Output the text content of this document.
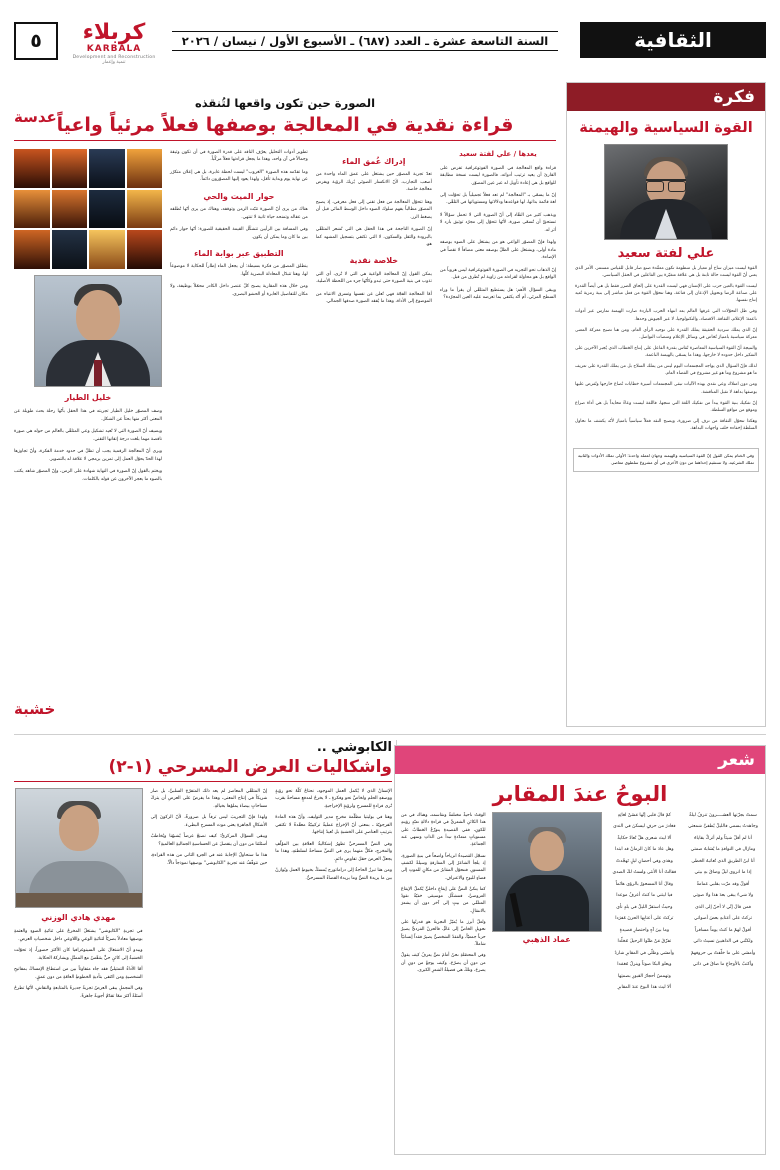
الثقافية
السنة التاسعة عشرة ـ العدد (٦٨٧) ـ الأسبوع الأول / نيسان / ٢٠٢٦
كربلاء
KARBALA
Development and Reconstruction تنمية وإعمار
٥
عدسة
خشبة
فكرة
القوة السياسية والهيمنة
علي لفتة سعيد

القوة ليست ميزان ساخ أو معيار بل منظومة تكون معقّدة صنع صار قابل للقياس مستمر، الأمر الذي يعني أنّ القوة ليست حالة ثابتة بل هي علاقة متغيّرة بين الفاعلين في الحقل السياسي.

ليست القوة بالعين حرب على الإنسان فهي ليست القدرة على إلحاق الضرر فقط بل هي أيضاً القدرة على صناعة الرضا وتحويل الإذعان إلى قناعة، وهنا تتحوّل القوة من فعل مباشر إلى بنية رمزية تُعيد إنتاج نفسها.

وفي ظل التحوّلات التي عرفها العالم بعد انتهاء الحرب الباردة صارت الهيمنة تمارس عبر أدوات ناعمة: الإعلام، الثقافة، الاقتصاد، والتكنولوجيا، لا عبر الجيوش وحدها.

إنّ الذي يملك سردية الحقيقة يملك القدرة على توجيه الرأي العام، ومن هنا تصبح معركة المعنى معركة سياسية بامتياز تُخاض في وسائل الإعلام ومنصات التواصل.

والنتيجة أنّ القوة السياسية المعاصرة تُقاس بقدرة الفاعل على إنتاج الخطاب الذي يُجبر الآخرين على التفكير داخل حدوده لا خارجها، وهذا ما يسمّى بالهيمنة الناعمة.

لذلك فإنّ السؤال الذي يواجه المجتمعات اليوم ليس من يملك السلاح بل من يملك القدرة على تعريف ما هو مشروع وما هو غير مشروع في الفضاء العام.

ومن دون امتلاك وعي نقدي بهذه الآليات تبقى المجتمعات أسيرة خطابات تُصاغ خارجها وتُفرض عليها بوصفها بداهة لا تقبل المناقشة.

إنّ تفكيك بنية القوة يبدأ من تفكيك اللغة التي تنتجها، فاللغة ليست وعاءً محايداً بل هي أداة صراع وموقع من مواقع السلطة.

وهكذا تتحوّل الثقافة من ترف إلى ضرورة، ويصبح النقد فعلاً سياسياً بامتياز لأنّه يكشف ما تحاول السلطة إخفاءه خلف واجهات البداهة.

وفي الختام يمكن القول إنّ القوة السياسية والهيمنة وجهان لعملة واحدة: الأولى تملك الأدوات والثانية تملك الشرعية، ولا تستقيم إحداهما من دون الأخرى في أي مشروع سلطوي معاصر.
الصورة حين تكون واقعها لتُنقذه
قراءة نقدية في المعالجة بوصفها فعلاً مرئياً واعياً
يعدها / علي لفتة سعيد

قراءة واقع المعالجة في الصورة الفوتوغرافية تفرض على القارئ أن يعيد ترتيب أدواته، فالصورة ليست نسخة مطابقة للواقع بل هي إعادة تأويل له عبر عين المصوّر.

إنّ ما يسمّى بـ "المعالجة" لم تعد فعلاً تجميلياً بل تحوّلت إلى لغة قائمة بذاتها، لها قواعدها ودلالاتها ومستوياتها في التلقّي.

ويذهب كثير من النقّاد إلى أنّ الصورة التي لا تحمل سؤالاً لا تستحقّ أن تُسمّى صورة، لأنّها تتحوّل إلى مجرّد توثيق بارد لا أثر له.

ولهذا فإنّ المصوّر الواعي هو من يشتغل على الضوء بوصفه مادة أولى، ويشتغل على الظلّ بوصفه معنى مضافاً لا نقصاً في الإضاءة.

إنّ الذهاب نحو التجريد في الصورة الفوتوغرافية ليس هروباً من الواقع بل هو محاولة لقراءته من زاوية لم تُطرق من قبل.

ويبقى السؤال الأهم: هل يستطيع المتلقّي أن يقرأ ما وراء السطح المرئي، أم أنّه يكتفي بما تعرضه عليه العين المجرّدة؟

إدراك عُمق الماء

تعدّ تجربة المصوّر حين يشتغل على عمق الماء واحدة من أصعب التجارب، لأنّ الانكسار الضوئي يُربك الرؤية ويفرض معالجة خاصة.

وهنا تتحوّل المعالجة من فعل تقني إلى فعل معرفي، إذ يصبح المصوّر مطالباً بفهم سلوك الضوء داخل الوسط المائي قبل أن يضغط الزر.

إنّ الصورة الناجحة في هذا الحقل هي التي تُشعر المتلقّي بالبرودة والثقل والسكون، لا التي تكتفي بتسجيل المشهد كما هو.

خلاصة نقدية

يمكن القول إنّ المعالجة الواعية هي التي لا تُرى، أي التي تذوب في بنية الصورة حتى تبدو وكأنّها جزء من اللحظة الأصلية.

أمّا المعالجة الفجّة فهي تُعلن عن نفسها وتسرق الانتباه من الموضوع إلى الأداة، وهذا ما يُفقد الصورة صدقها الجمالي.

تطوير أدوات التحليل يعرّف الناقد على قدرة الصورة في أن تكون وثيقة وجمالاً في آن واحد، وهذا ما يجعل قراءتها فعلاً مركّباً.

وما تقدّمه هذه الصورة "الغروب" ليست لحظة عابرة، بل هي إعلان متكرّر عن نهاية يوم وبداية تأمّل، ولهذا يعود إليها المصوّرون دائماً.

حوار الميت والحي

هناك من يرى أنّ الصورة تثبّت الزمن وتوقفه، وهناك من يرى أنّها تُطلقه من عقاله وتمنحه حياة ثانية لا تنتهي.

وفي المسافة بين الرأيين تتشكّل القيمة الحقيقية للصورة: أنّها حوار دائم بين ما كان وما يمكن أن يكون.

التطبيق عبر بوابة الماء

ينطلق المصوّر من فكرة بسيطة: أن يجعل الماء إطاراً للحكاية لا موضوعاً لها، وهنا تتبدّل المعادلة البصرية كلّها.

ومن خلال هذه المقاربة يصبح كلّ عنصر داخل الكادر محمّلاً بوظيفة، ولا مكان للتفاصيل العابرة أو الحشو البصري.

خليل الطيار

وصف المصوّر خليل الطيار تجربته في هذا الحقل بأنّها رحلة بحث طويلة عن المعنى أكثر منها بحثاً عن الشكل.

ويضيف أنّ الصورة التي لا تُعيد تشكيل وعي المتلقّي بالعالم من حوله هي صورة ناقصة مهما بلغت درجة إتقانها التقني.

ويرى أنّ المعالجة الرقمية يجب أن تظلّ في حدود خدمة الفكرة، وأنّ تجاوزها لهذا الحدّ يحوّل العمل إلى تمرين برمجي لا علاقة له بالتصوير.

ويختم بالقول إنّ الصورة في النهاية شهادة على الزمن، وإنّ المصوّر شاهد يكتب بالضوء ما يعجز الآخرون عن قوله بالكلمات.

شعر
البوحُ عندَ المقابر

سمتْ بجرّتها العشــــرونَ تنزفُ ليلةً

وجاهدتُ بسمي فالليلُ يُطفئُ شمعتي

أنا لم أقلْ شيئاً ولم أتركْ بقاياهُ

ومازال في النوافذِ ما يُشابهُ صمتي

أنا ابنُ الطريقِ الذي تُعاتبهُ الخطى

إذا ما انزوى ليلٌ وضاقَ بهِ بيتي

أقولُ وقد مرّت بقلبي غمامةٌ

ولا شيءَ يبقى بعدَ هذا ولا صوتي

فمن قالَ إنّي لا أحنّ إلى الذي

تركتُ على أعتابهِ بعضَ أصواتي

أقولُ لهمْ ما كنتُ يوماً مسافراً

ولكنّني في الذاهبينَ نسيتُ ذاتي

وأمشي على ما خلّفتْ بي حروفهمْ

وأكتبُ بالأوجاعِ ما ضاقَ في ذاتي

كمْ قالَ قلبي إنّها مَسَنْ لغاتِهِ

فغادرَ من حرفٍ ليسكنَ في الندى

ألا ليتَ شعري هلْ تُعادُ حكايةٌ

وهل عادَ ما كانَ الزمانُ قد ابتدا

وهذي وفي أحضانِ ليلٍ تَهجّدتْ

فقالتْ أنا الأنثى ولستُ لكَ الصدى

وقالَ أنا المسحورُ بالرؤى هائماً

فيا ليتني ما كنتُ أعرفُ موعدا

وحيثُ استقرّ الليلُ في بلدٍ نأى

تركتُ على أعتابِها الحزنَ مُفرَدا

وما بينَ آهٍ واحتضارِ قصيدةٍ

تفرّقَ مَنْ ظنّوا الرحيلَ مُخلّدا

وأمشي وظلّي في المقابرِ شاردٌ

ويعلو البكا صوتاً وينزلُ مُغمَدا

وتهمسُ أحجارُ القبورِ بصمتِها

ألا ليتَ هذا البوحَ عندَ المقابرِ

عماد الذهبي

الوقتُ ناحيةٌ مختلفةٌ وتقاسمه، وهناك في من هذا الكائنِ الشعريِّ في قراءةِ دلالةِ تعبّدٍ رؤيتهِ للكونِ، ففي القصيدةِ يتوزّعُ الخطابُ على مستوياتٍ متعدّدةٍ تبدأ من الذاتِ وتنتهي عند الجماعةِ.

تسجّل القصيدةُ انزياحاً واضحاً في بنيةِ الصورةِ، إذ يلجأ الشاعرُ إلى المفارقةِ وسيلةً لكشفِ المستورِ، فتتحوّل المقابرُ من مكانٍ للموتِ إلى فضاءٍ للبوحِ والاعترافِ.

كما يتكئُ النصُّ على إيقاعٍ داخليٍّ يُكملُ الإيقاعَ العروضيَّ، فتتشكّل موسيقى خفيّةٌ تقودُ المتلقّي من بيتٍ إلى آخر دون أن يشعرَ بالانتقالِ.

ولعلّ أبرز ما يُميّزُ التجربةَ هو قدرتُها على تحويلِ الخاصِّ إلى عامٍّ، فالحزنُ الفرديُّ يصيرُ حزناً جمعيّاً، والفقدُ الشخصيُّ يصيرُ فقداً إنسانيّاً شاملاً.

وفي المحصّلةِ نحنُ أمامَ نصٍّ يعرفُ كيف يقولُ من دونِ أن يصرّحَ، وكيف يوجعُ من دونِ أن يصرخَ، وتلكَ هي فضيلةُ الشعرِ الكبرى.

الكابوشي ..
واشكاليات العرض المسرحي (١-٢)

الإنسانُ الذي لا يُكمل العمل الموجود، نحتاجُ كلّهُ نحو رؤيةٍ ووصفهِ الحلم ولخاصِّ نحو وفكرةٍ ـ لا يخرجُ لمدفعٍ مساحةً بقرب تُرى فرادةٍ للمسرحِ ولرؤيةٍ الإخراجيةِ.

وهنا في بوليتيا مظلّمة مخرجٍ مدير التوليف، وأنّ هذه المادةَ الفرجويّةَ ـ بمعنى أنّ الإخراجَ عمليةٌ تركيبيّةٌ معقّدةٌ لا تكتفي بترتيبِ العناصرِ على الخشبةِ بل تُعيدُ إنتاجَها.

وفي النصِّ المسرحيِّ تظهرُ إشكاليةُ العلاقةِ بين المؤلّفِ والمخرجِ، فكلٌّ منهما يرى في النصِّ مساحةً لسلطتهِ، وهذا ما يجعلُ العرضَ حقلَ تفاوضٍ دائمٍ.

ومن هنا تبرزُ الحاجةُ إلى دراماتورج يُمسكُ بخيوطِ العمل ويُوازنُ بين ما يريدهُ النصُّ وما يريدهُ الفضاءُ المسرحيُّ.

إنّ المتلقّي المعاصرَ لم يعد ذلك المتفرّجَ السلبيَّ، بل صار شريكاً في إنتاج المعنى، وهذا ما يفرضُ على العرضِ أن يتركَ مساحاتٍ بيضاءَ يملؤها بخيالهِ.

ولهذا فإنّ التجريبَ ليس ترفاً بل ضرورةٌ، لأنّ الركونَ إلى الأشكالِ الجاهزةِ يعني موتَ المسرحِ البطيءَ.

ويبقى السؤال المركزيُّ: كيف نصنعُ عرضاً يُشبهُنا ويُخاطبُ أسئلتَنا من دون أن ينفصلَ عن الحساسيةِ الجماليةِ العالميةِ؟

هذا ما سنحاولُ الإجابةَ عنه في الجزءِ الثاني من هذه القراءةِ، حين نتوقّفُ عند تجربةِ "الكابوشي" بوصفِها نموذجاً دالّاً.

مهدي هادي الوزني

في تجربةِ "الكابوشي" يشتغلُ المخرجُ على ثنائيةِ الضوءِ والعتمةِ بوصفِها معادلاً بصريّاً لثنائيةِ الوعيِ واللاوعيِ داخل شخصياتِ العرضِ.

ويبدو أنّ الاشتغالَ على السينوغرافيا كان الأكثرَ حضوراً، إذ تحوّلت الخشبةُ إلى كائنٍ حيٍّ يتنفّسُ مع الممثّلِ ويشاركهُ الحكاية.

أمّا الأداءُ التمثيليُّ فقد جاء متفاوتاً بين من استطاعَ الإمساكَ بمفاتيحِ الشخصيةِ ومن اكتفى بتأديةِ الخطوطِ العامّةِ من دون عمقٍ.

وفي المجملِ يبقى العرضُ تجربةً جديرةً بالمتابعةِ والنقاشِ، لأنّها تطرحُ أسئلةً أكثرَ ممّا تقدّمُ أجوبةً جاهزةً.
